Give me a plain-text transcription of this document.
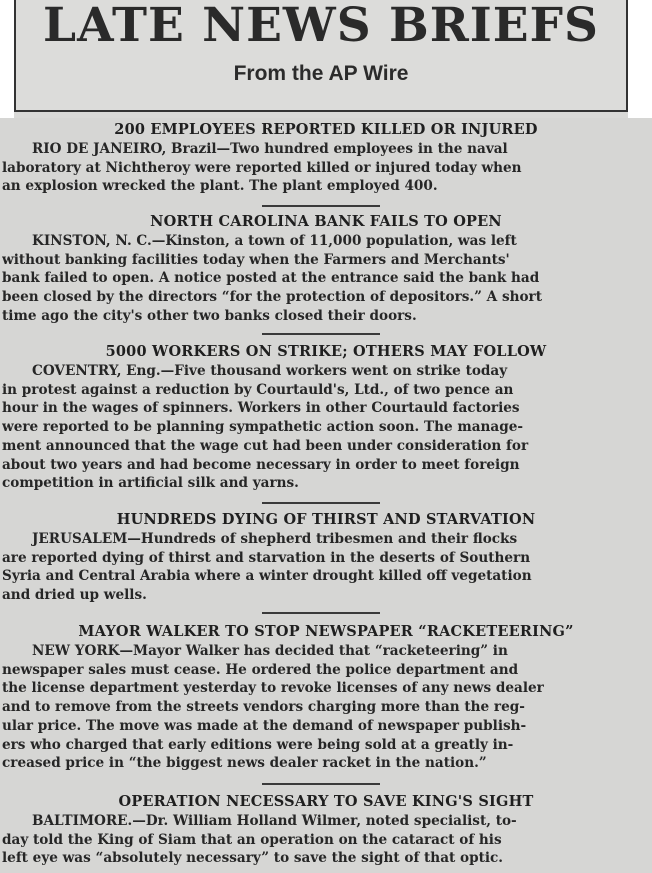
LATE NEWS BRIEFS
From the AP Wire
200 EMPLOYEES REPORTED KILLED OR INJURED
RIO DE JANEIRO, Brazil—Two hundred employees in the naval
laboratory at Nichtheroy were reported killed or injured today when
an explosion wrecked the plant. The plant employed 400.
NORTH CAROLINA BANK FAILS TO OPEN
KINSTON, N. C.—Kinston, a town of 11,000 population, was left
without banking facilities today when the Farmers and Merchants'
bank failed to open. A notice posted at the entrance said the bank had
been closed by the directors “for the protection of depositors.” A short
time ago the city's other two banks closed their doors.
5000 WORKERS ON STRIKE; OTHERS MAY FOLLOW
COVENTRY, Eng.—Five thousand workers went on strike today
in protest against a reduction by Courtauld's, Ltd., of two pence an
hour in the wages of spinners. Workers in other Courtauld factories
were reported to be planning sympathetic action soon. The manage-
ment announced that the wage cut had been under consideration for
about two years and had become necessary in order to meet foreign
competition in artificial silk and yarns.
HUNDREDS DYING OF THIRST AND STARVATION
JERUSALEM—Hundreds of shepherd tribesmen and their flocks
are reported dying of thirst and starvation in the deserts of Southern
Syria and Central Arabia where a winter drought killed off vegetation
and dried up wells.
MAYOR WALKER TO STOP NEWSPAPER “RACKETEERING”
NEW YORK—Mayor Walker has decided that “racketeering” in
newspaper sales must cease. He ordered the police department and
the license department yesterday to revoke licenses of any news dealer
and to remove from the streets vendors charging more than the reg-
ular price. The move was made at the demand of newspaper publish-
ers who charged that early editions were being sold at a greatly in-
creased price in “the biggest news dealer racket in the nation.”
OPERATION NECESSARY TO SAVE KING'S SIGHT
BALTIMORE.—Dr. William Holland Wilmer, noted specialist, to-
day told the King of Siam that an operation on the cataract of his
left eye was “absolutely necessary” to save the sight of that optic.
